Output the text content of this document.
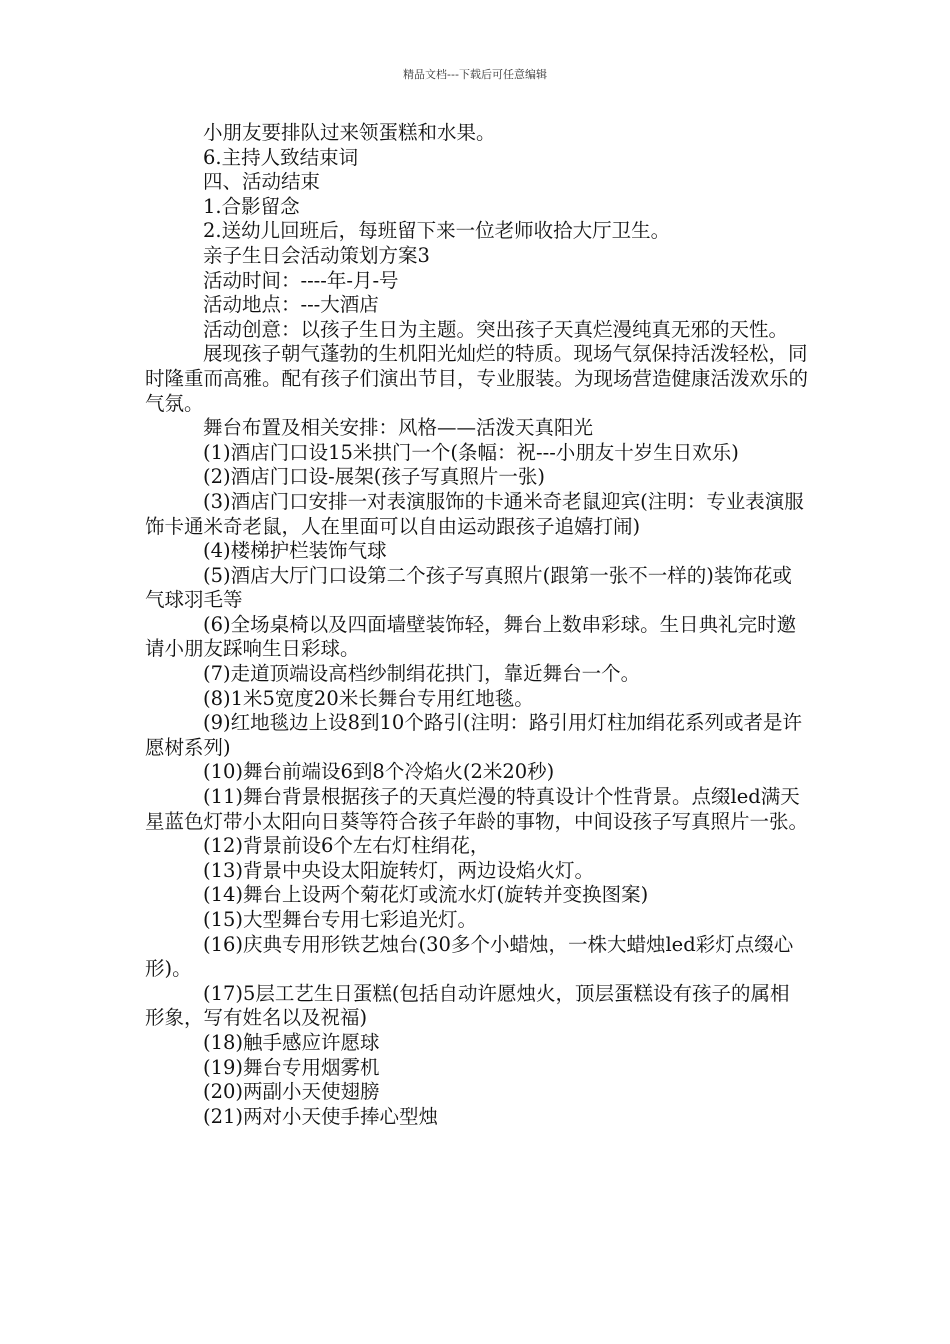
精品文档---下载后可任意编辑

小朋友要排队过来领蛋糕和水果。

6.主持人致结束词

四、活动结束

1.合影留念

2.送幼儿回班后，每班留下来一位老师收拾大厅卫生。

亲子生日会活动策划方案3

活动时间：----年-月-号

活动地点：---大酒店

活动创意：以孩子生日为主题。突出孩子天真烂漫纯真无邪的天性。

展现孩子朝气蓬勃的生机阳光灿烂的特质。现场气氛保持活泼轻松，同时隆重而高雅。配有孩子们演出节目，专业服装。为现场营造健康活泼欢乐的气氛。

舞台布置及相关安排：风格——活泼天真阳光

(1)酒店门口设15米拱门一个(条幅：祝---小朋友十岁生日欢乐)

(2)酒店门口设-展架(孩子写真照片一张)

(3)酒店门口安排一对表演服饰的卡通米奇老鼠迎宾(注明：专业表演服饰卡通米奇老鼠，人在里面可以自由运动跟孩子追嬉打闹)

(4)楼梯护栏装饰气球

(5)酒店大厅门口设第二个孩子写真照片(跟第一张不一样的)装饰花或气球羽毛等

(6)全场桌椅以及四面墙壁装饰轻，舞台上数串彩球。生日典礼完时邀请小朋友踩响生日彩球。

(7)走道顶端设高档纱制绢花拱门，靠近舞台一个。

(8)1米5宽度20米长舞台专用红地毯。

(9)红地毯边上设8到10个路引(注明：路引用灯柱加绢花系列或者是许愿树系列)

(10)舞台前端设6到8个冷焰火(2米20秒)

(11)舞台背景根据孩子的天真烂漫的特真设计个性背景。点缀led满天星蓝色灯带小太阳向日葵等符合孩子年龄的事物，中间设孩子写真照片一张。

(12)背景前设6个左右灯柱绢花，

(13)背景中央设太阳旋转灯，两边设焰火灯。

(14)舞台上设两个菊花灯或流水灯(旋转并变换图案)

(15)大型舞台专用七彩追光灯。

(16)庆典专用形铁艺烛台(30多个小蜡烛，一株大蜡烛led彩灯点缀心形)。

(17)5层工艺生日蛋糕(包括自动许愿烛火，顶层蛋糕设有孩子的属相形象，写有姓名以及祝福)

(18)触手感应许愿球

(19)舞台专用烟雾机

(20)两副小天使翅膀

(21)两对小天使手捧心型烛
